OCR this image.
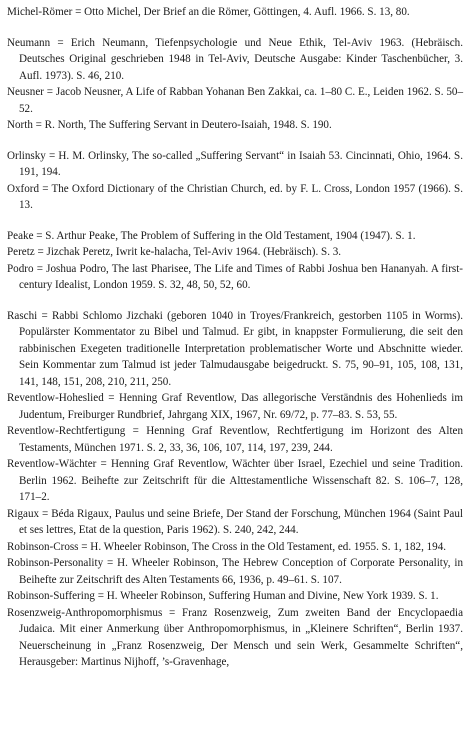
Michel-Römer = Otto Michel, Der Brief an die Römer, Göttingen, 4. Aufl. 1966. S. 13, 80.

Neumann = Erich Neumann, Tiefenpsychologie und Neue Ethik, Tel-Aviv 1963. (Hebräisch. Deutsches Original geschrieben 1948 in Tel-Aviv, Deutsche Ausgabe: Kinder Taschenbücher, 3. Aufl. 1973). S. 46, 210.

Neusner = Jacob Neusner, A Life of Rabban Yohanan Ben Zakkai, ca. 1–80 C. E., Leiden 1962. S. 50–52.

North = R. North, The Suffering Servant in Deutero-Isaiah, 1948. S. 190.

Orlinsky = H. M. Orlinsky, The so-called „Suffering Servant“ in Isaiah 53. Cincinnati, Ohio, 1964. S. 191, 194.

Oxford = The Oxford Dictionary of the Christian Church, ed. by F. L. Cross, London 1957 (1966). S. 13.

Peake = S. Arthur Peake, The Problem of Suffering in the Old Testament, 1904 (1947). S. 1.

Peretz = Jizchak Peretz, Iwrit ke-halacha, Tel-Aviv 1964. (Hebräisch). S. 3.

Podro = Joshua Podro, The last Pharisee, The Life and Times of Rabbi Joshua ben Hananyah. A first-century Idealist, London 1959. S. 32, 48, 50, 52, 60.

Raschi = Rabbi Schlomo Jizchaki (geboren 1040 in Troyes/Frankreich, gestorben 1105 in Worms). Populärster Kommentator zu Bibel und Talmud. Er gibt, in knappster Formulierung, die seit den rabbinischen Exegeten traditionelle Interpretation problematischer Worte und Abschnitte wieder. Sein Kommentar zum Talmud ist jeder Talmudausgabe beigedruckt. S. 75, 90–91, 105, 108, 131, 141, 148, 151, 208, 210, 211, 250.

Reventlow-Hoheslied = Henning Graf Reventlow, Das allegorische Verständnis des Hohenlieds im Judentum, Freiburger Rundbrief, Jahrgang XIX, 1967, Nr. 69/72, p. 77–83. S. 53, 55.

Reventlow-Rechtfertigung = Henning Graf Reventlow, Rechtfertigung im Horizont des Alten Testaments, München 1971. S. 2, 33, 36, 106, 107, 114, 197, 239, 244.

Reventlow-Wächter = Henning Graf Reventlow, Wächter über Israel, Ezechiel und seine Tradition. Berlin 1962. Beihefte zur Zeitschrift für die Alttestamentliche Wissenschaft 82. S. 106–7, 128, 171–2.

Rigaux = Béda Rigaux, Paulus und seine Briefe, Der Stand der Forschung, München 1964 (Saint Paul et ses lettres, Etat de la question, Paris 1962). S. 240, 242, 244.

Robinson-Cross = H. Wheeler Robinson, The Cross in the Old Testament, ed. 1955. S. 1, 182, 194.

Robinson-Personality = H. Wheeler Robinson, The Hebrew Conception of Corporate Personality, in Beihefte zur Zeitschrift des Alten Testaments 66, 1936, p. 49–61. S. 107.

Robinson-Suffering = H. Wheeler Robinson, Suffering Human and Divine, New York 1939. S. 1.

Rosenzweig-Anthropomorphismus = Franz Rosenzweig, Zum zweiten Band der Encyclopaedia Judaica. Mit einer Anmerkung über Anthropomorphismus, in „Kleinere Schriften“, Berlin 1937. Neuerscheinung in „Franz Rosenzweig, Der Mensch und sein Werk, Gesammelte Schriften“, Herausgeber: Martinus Nijhoff, ’s-Gravenhage,
